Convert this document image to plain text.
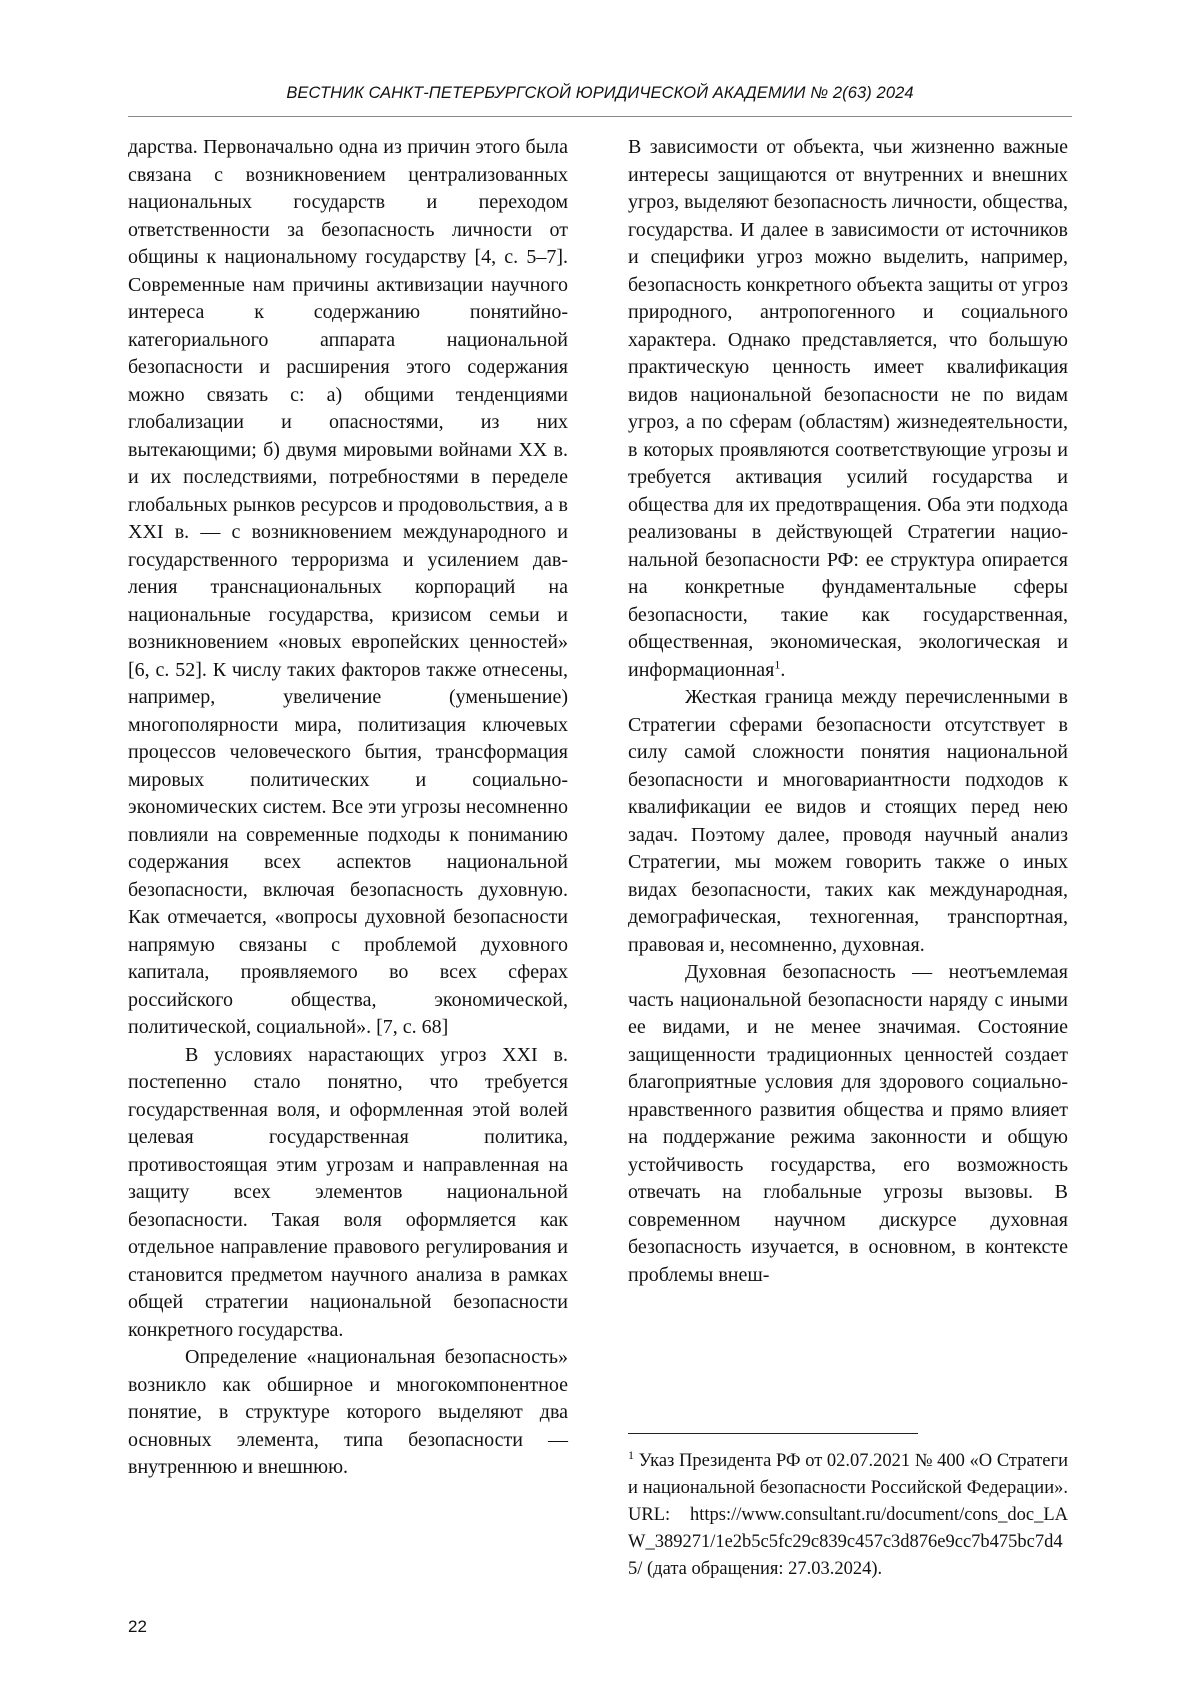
ВЕСТНИК САНКТ-ПЕТЕРБУРГСКОЙ ЮРИДИЧЕСКОЙ АКАДЕМИИ № 2(63) 2024

дарства. Первоначально одна из причин этого была связана с возникновением централизованных национальных государств и переходом ответственности за безопасность личности от общины к национальному государству [4, с. 5–7]. Современные нам причины активизации научного интереса к содержанию понятийно-категориального аппарата национальной безопасности и расширения этого содержания можно связать с: а) общими тенденциями глобализации и опасностями, из них вытекающими; б) двумя мировыми войнами XX в. и их последствиями, потребностями в переделе глобальных рынков ресурсов и продовольствия, а в XXI в. — с возникновением международного и государственного терроризма и усилением давления транснациональных корпораций на национальные государства, кризисом семьи и возникновением «новых европейских ценностей» [6, с. 52]. К числу таких факторов также отнесены, например, увеличение (уменьшение) многополярности мира, политизация ключевых процессов человеческого бытия, трансформация мировых политических и социально-экономических систем. Все эти угрозы несомненно повлияли на современные подходы к пониманию содержания всех аспектов национальной безопасности, включая безопасность духовную. Как отмечается, «вопросы духовной безопасности напрямую связаны с проблемой духовного капитала, проявляемого во всех сферах российского общества, экономической, политической, социальной». [7, с. 68]

В условиях нарастающих угроз XXI в. постепенно стало понятно, что требуется государственная воля, и оформленная этой волей целевая государственная политика, противостоящая этим угрозам и направленная на защиту всех элементов национальной безопасности. Такая воля оформляется как отдельное направление правового регулирования и становится предметом научного анализа в рамках общей стратегии национальной безопасности конкретного государства.

Определение «национальная безопасность» возникло как обширное и многокомпонентное понятие, в структуре которого выделяют два основных элемента, типа безопасности — внутреннюю и внешнюю.

В зависимости от объекта, чьи жизненно важные интересы защищаются от внутренних и внешних угроз, выделяют безопасность личности, общества, государства. И далее в зависимости от источников и специфики угроз можно выделить, например, безопасность конкретного объекта защиты от угроз природного, антропогенного и социального характера. Однако представляется, что большую практическую ценность имеет квалификация видов национальной безопасности не по видам угроз, а по сферам (областям) жизнедеятельности, в которых проявляются соответствующие угрозы и требуется активация усилий государства и общества для их предотвращения. Оба эти подхода реализованы в действующей Стратегии национальной безопасности РФ: ее структура опирается на конкретные фундаментальные сферы безопасности, такие как государственная, общественная, экономическая, экологическая и информационная$^1$.

Жесткая граница между перечисленными в Стратегии сферами безопасности отсутствует в силу самой сложности понятия национальной безопасности и многовариантности подходов к квалификации ее видов и стоящих перед нею задач. Поэтому далее, проводя научный анализ Стратегии, мы можем говорить также о иных видах безопасности, таких как международная, демографическая, техногенная, транспортная, правовая и, несомненно, духовная.

Духовная безопасность — неотъемлемая часть национальной безопасности наряду с иными ее видами, и не менее значимая. Состояние защищенности традиционных ценностей создает благоприятные условия для здорового социально-нравственного развития общества и прямо влияет на поддержание режима законности и общую устойчивость государства, его возможность отвечать на глобальные угрозы вызовы. В современном научном дискурсе духовная безопасность изучается, в основном, в контексте проблемы внеш-

$^1$ Указ Президента РФ от 02.07.2021 № 400 «О Стратегии национальной безопасности Российской Федерации». URL: https://www.consultant.ru/document/cons_doc_LAW_389271/1e2b5c5fc29c839c457c3d876e9cc7b475bc7d45/ (дата обращения: 27.03.2024).
22
